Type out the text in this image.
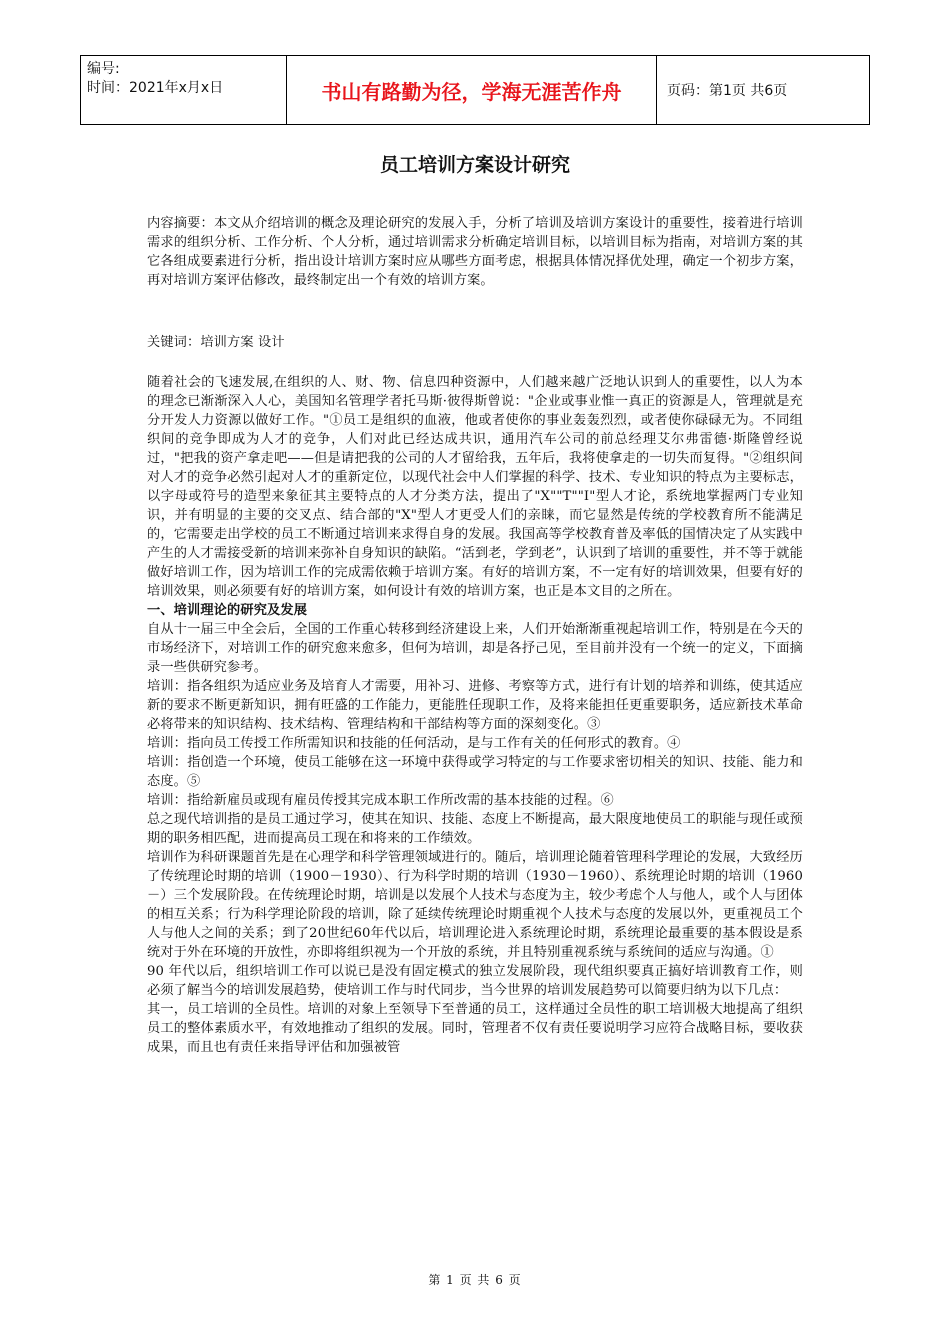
编号:
时间：2021年x月x日	书山有路勤为径，学海无涯苦作舟	页码：第1页 共6页
员工培训方案设计研究

内容摘要：本文从介绍培训的概念及理论研究的发展入手，分析了培训及培训方案设计的重要性，接着进行培训需求的组织分析、工作分析、个人分析，通过培训需求分析确定培训目标，以培训目标为指南，对培训方案的其它各组成要素进行分析，指出设计培训方案时应从哪些方面考虑，根据具体情况择优处理，确定一个初步方案，再对培训方案评估修改，最终制定出一个有效的培训方案。

关键词：培训方案 设计

随着社会的飞速发展,在组织的人、财、物、信息四种资源中，人们越来越广泛地认识到人的重要性，以人为本的理念已渐渐深入人心，美国知名管理学者托马斯·彼得斯曾说："企业或事业惟一真正的资源是人，管理就是充分开发人力资源以做好工作。"①员工是组织的血液，他或者使你的事业轰轰烈烈，或者使你碌碌无为。不同组织间的竞争即成为人才的竞争，人们对此已经达成共识，通用汽车公司的前总经理艾尔弗雷德·斯隆曾经说过，"把我的资产拿走吧——但是请把我的公司的人才留给我，五年后，我将使拿走的一切失而复得。"②组织间对人才的竞争必然引起对人才的重新定位，以现代社会中人们掌握的科学、技术、专业知识的特点为主要标志，以字母或符号的造型来象征其主要特点的人才分类方法，提出了"X""T""I"型人才论，系统地掌握两门专业知识，并有明显的主要的交叉点、结合部的"X"型人才更受人们的亲睐，而它显然是传统的学校教育所不能满足的，它需要走出学校的员工不断通过培训来求得自身的发展。我国高等学校教育普及率低的国情决定了从实践中产生的人才需接受新的培训来弥补自身知识的缺陷。“活到老，学到老”，认识到了培训的重要性，并不等于就能做好培训工作，因为培训工作的完成需依赖于培训方案。有好的培训方案，不一定有好的培训效果，但要有好的培训效果，则必须要有好的培训方案，如何设计有效的培训方案，也正是本文目的之所在。

一、培训理论的研究及发展

自从十一届三中全会后，全国的工作重心转移到经济建设上来，人们开始渐渐重视起培训工作，特别是在今天的市场经济下，对培训工作的研究愈来愈多，但何为培训，却是各抒己见，至目前并没有一个统一的定义，下面摘录一些供研究参考。

培训：指各组织为适应业务及培育人才需要，用补习、进修、考察等方式，进行有计划的培养和训练，使其适应新的要求不断更新知识，拥有旺盛的工作能力，更能胜任现职工作，及将来能担任更重要职务，适应新技术革命必将带来的知识结构、技术结构、管理结构和干部结构等方面的深刻变化。③

培训：指向员工传授工作所需知识和技能的任何活动，是与工作有关的任何形式的教育。④

培训：指创造一个环境，使员工能够在这一环境中获得或学习特定的与工作要求密切相关的知识、技能、能力和态度。⑤

培训：指给新雇员或现有雇员传授其完成本职工作所改需的基本技能的过程。⑥

总之现代培训指的是员工通过学习，使其在知识、技能、态度上不断提高，最大限度地使员工的职能与现任或预期的职务相匹配，进而提高员工现在和将来的工作绩效。

培训作为科研课题首先是在心理学和科学管理领域进行的。随后，培训理论随着管理科学理论的发展，大致经历了传统理论时期的培训（1900－1930）、行为科学时期的培训（1930－1960）、系统理论时期的培训（1960－）三个发展阶段。在传统理论时期，培训是以发展个人技术与态度为主，较少考虑个人与他人，或个人与团体的相互关系；行为科学理论阶段的培训，除了延续传统理论时期重视个人技术与态度的发展以外，更重视员工个人与他人之间的关系；到了20世纪60年代以后，培训理论进入系统理论时期，系统理论最重要的基本假设是系统对于外在环境的开放性，亦即将组织视为一个开放的系统，并且特别重视系统与系统间的适应与沟通。①

90 年代以后，组织培训工作可以说已是没有固定模式的独立发展阶段，现代组织要真正搞好培训教育工作，则必须了解当今的培训发展趋势，使培训工作与时代同步，当今世界的培训发展趋势可以简要归纳为以下几点：

其一，员工培训的全员性。培训的对象上至领导下至普通的员工，这样通过全员性的职工培训极大地提高了组织员工的整体素质水平，有效地推动了组织的发展。同时，管理者不仅有责任要说明学习应符合战略目标，要收获成果，而且也有责任来指导评估和加强被管

第 1 页 共 6 页
